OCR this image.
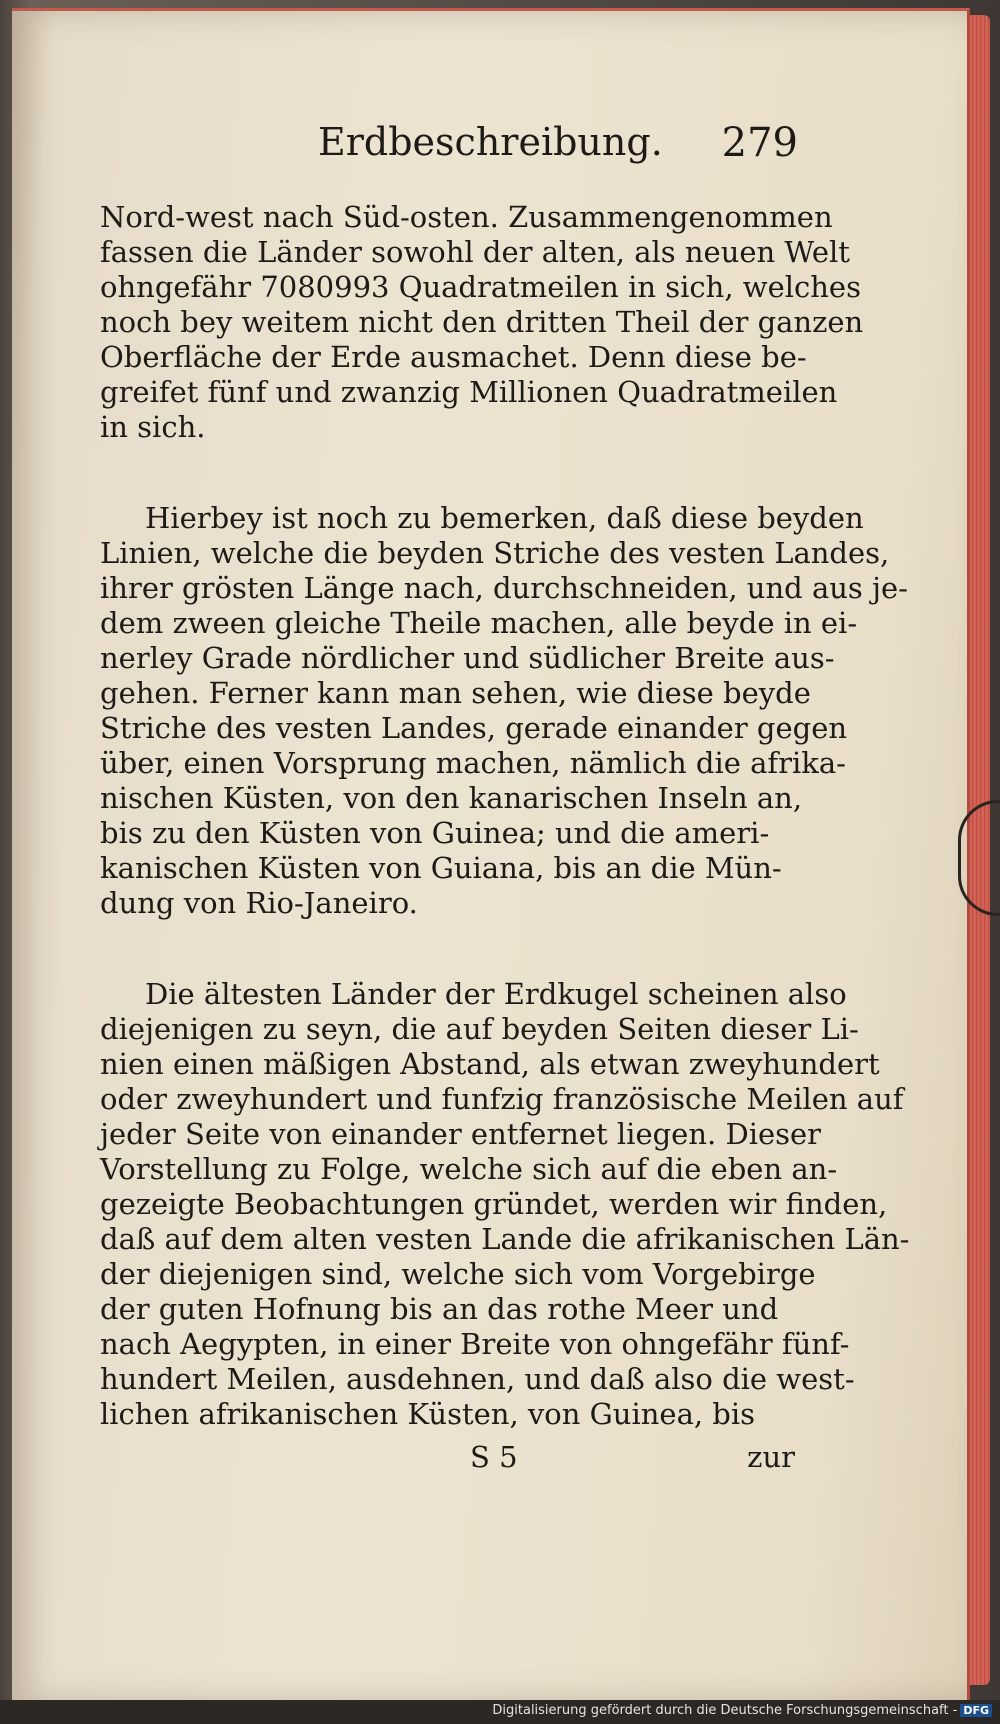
Erdbeschreibung. 279
Nord-west nach Süd-osten. Zusammengenommen
fassen die Länder sowohl der alten, als neuen Welt
ohngefähr 7080993 Quadratmeilen in sich, welches
noch bey weitem nicht den dritten Theil der ganzen
Oberfläche der Erde ausmachet. Denn diese be-
greifet fünf und zwanzig Millionen Quadratmeilen
in sich.
Hierbey ist noch zu bemerken, daß diese beyden
Linien, welche die beyden Striche des vesten Landes,
ihrer grösten Länge nach, durchschneiden, und aus je-
dem zween gleiche Theile machen, alle beyde in ei-
nerley Grade nördlicher und südlicher Breite aus-
gehen. Ferner kann man sehen, wie diese beyde
Striche des vesten Landes, gerade einander gegen
über, einen Vorsprung machen, nämlich die afrika-
nischen Küsten, von den kanarischen Inseln an,
bis zu den Küsten von Guinea; und die ameri-
kanischen Küsten von Guiana, bis an die Mün-
dung von Rio-Janeiro.
Die ältesten Länder der Erdkugel scheinen also
diejenigen zu seyn, die auf beyden Seiten dieser Li-
nien einen mäßigen Abstand, als etwan zweyhundert
oder zweyhundert und funfzig französische Meilen auf
jeder Seite von einander entfernet liegen. Dieser
Vorstellung zu Folge, welche sich auf die eben an-
gezeigte Beobachtungen gründet, werden wir finden,
daß auf dem alten vesten Lande die afrikanischen Län-
der diejenigen sind, welche sich vom Vorgebirge
der guten Hofnung bis an das rothe Meer und
nach Aegypten, in einer Breite von ohngefähr fünf-
hundert Meilen, ausdehnen, und daß also die west-
lichen afrikanischen Küsten, von Guinea, bis
S 5	zur
Digitalisierung gefördert durch die Deutsche Forschungsgemeinschaft - DFG
